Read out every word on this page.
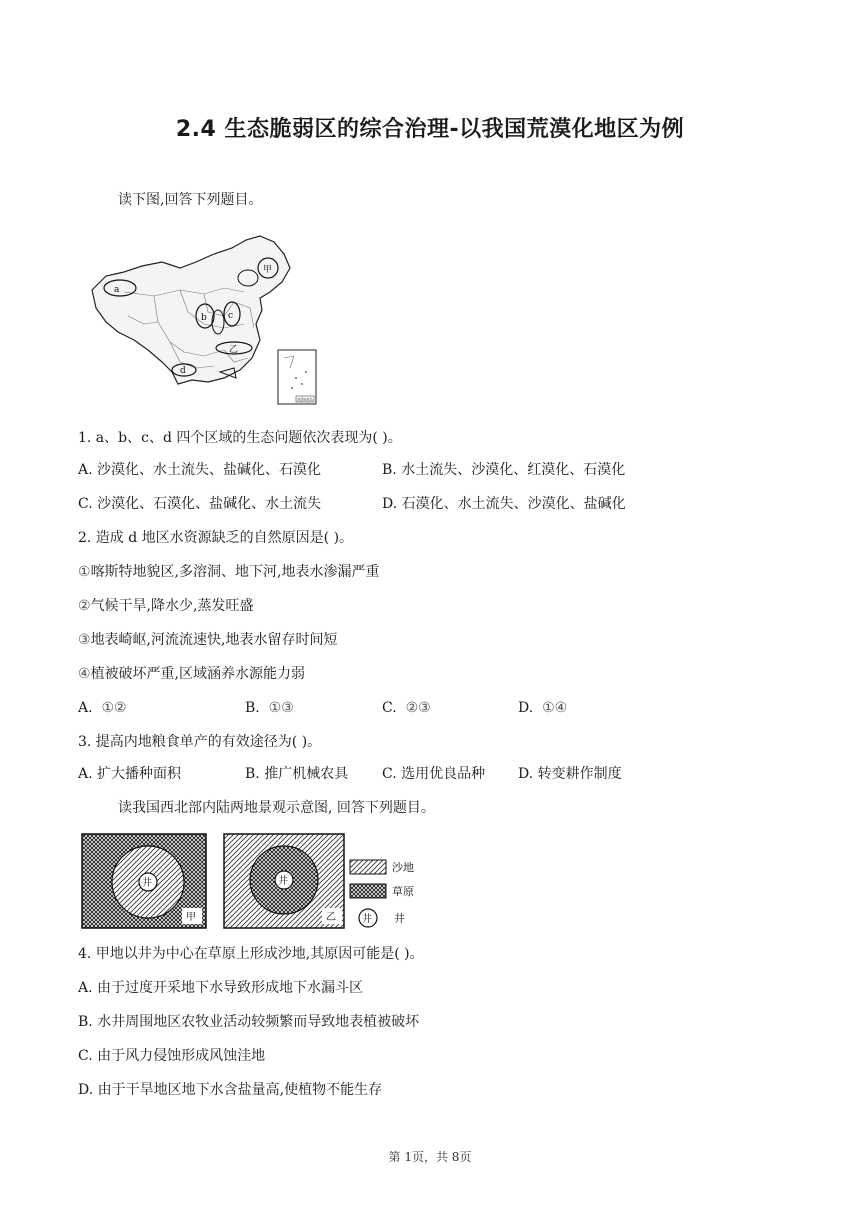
2.4 生态脆弱区的综合治理-以我国荒漠化地区为例
读下图,回答下列题目。
a
b c
d
甲
乙
南海诸岛
1. a、b、c、d 四个区域的生态问题依次表现为( )。
A. 沙漠化、水土流失、盐碱化、石漠化	B. 水土流失、沙漠化、红漠化、石漠化
C. 沙漠化、石漠化、盐碱化、水土流失	D. 石漠化、水土流失、沙漠化、盐碱化
2. 造成 d 地区水资源缺乏的自然原因是( )。
①喀斯特地貌区,多溶洞、地下河,地表水渗漏严重
②气候干旱,降水少,蒸发旺盛
③地表崎岖,河流流速快,地表水留存时间短
④植被破坏严重,区域涵养水源能力弱
A. ①②	B. ①③	C. ②③	D. ①④
3. 提高内地粮食单产的有效途径为( )。
A. 扩大播种面积	B. 推广机械农具 C. 选用优良品种 D. 转变耕作制度
读我国西北部内陆两地景观示意图, 回答下列题目。
井
甲
井
乙
沙地
草原
井 井
4. 甲地以井为中心在草原上形成沙地,其原因可能是( )。
A. 由于过度开采地下水导致形成地下水漏斗区
B. 水井周围地区农牧业活动较频繁而导致地表植被破坏
C. 由于风力侵蚀形成风蚀洼地
D. 由于干旱地区地下水含盐量高,使植物不能生存
第 1页，共 8页
